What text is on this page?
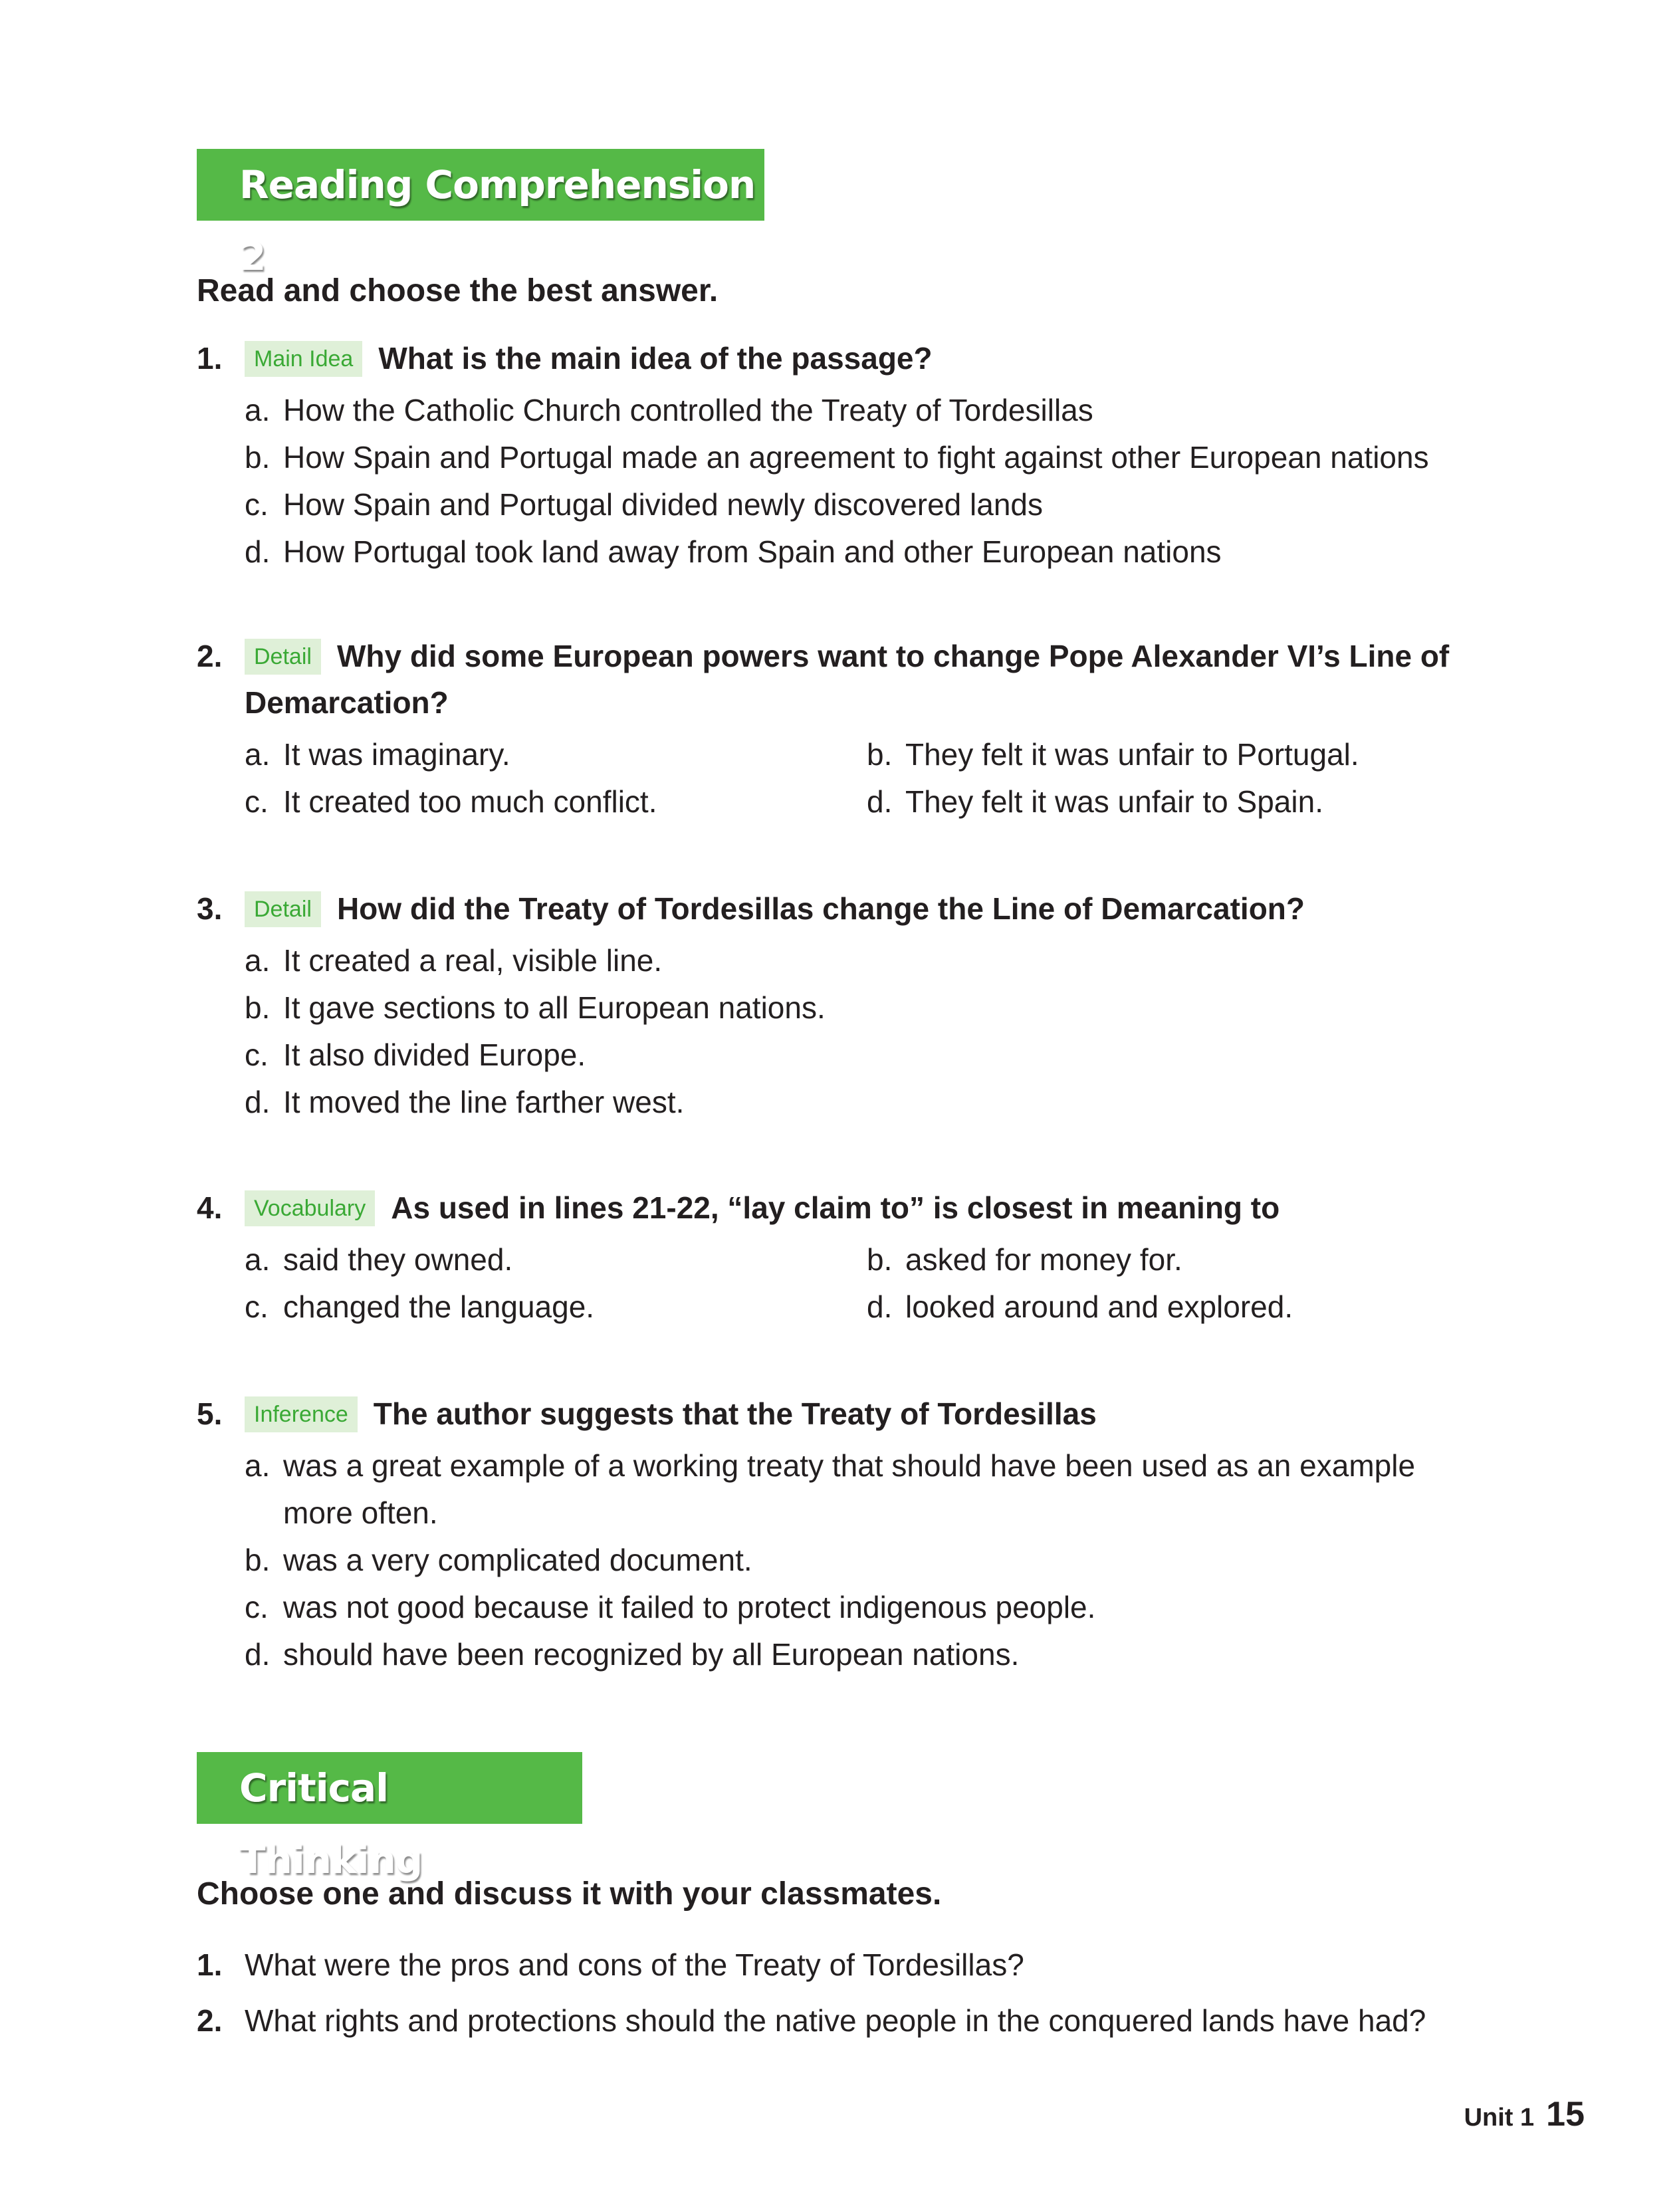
Reading Comprehension 2
Read and choose the best answer.
1.	Main Idea What is the main idea of the passage?
a. How the Catholic Church controlled the Treaty of Tordesillas
b. How Spain and Portugal made an agreement to fight against other European nations
c. How Spain and Portugal divided newly discovered lands
d. How Portugal took land away from Spain and other European nations
2.	Detail Why did some European powers want to change Pope Alexander VI’s Line of Demarcation?
a. It was imaginary.	b. They felt it was unfair to Portugal.
c. It created too much conflict.	d. They felt it was unfair to Spain.
3.	Detail How did the Treaty of Tordesillas change the Line of Demarcation?
a. It created a real, visible line.
b. It gave sections to all European nations.
c. It also divided Europe.
d. It moved the line farther west.
4.	Vocabulary As used in lines 21-22, “lay claim to” is closest in meaning to
a. said they owned.	b. asked for money for.
c. changed the language.	d. looked around and explored.
5.	Inference The author suggests that the Treaty of Tordesillas
a. was a great example of a working treaty that should have been used as an example more often.
b. was a very complicated document.
c. was not good because it failed to protect indigenous people.
d. should have been recognized by all European nations.
Critical Thinking
Choose one and discuss it with your classmates.
1. What were the pros and cons of the Treaty of Tordesillas?
2. What rights and protections should the native people in the conquered lands have had?
Unit 1 15
